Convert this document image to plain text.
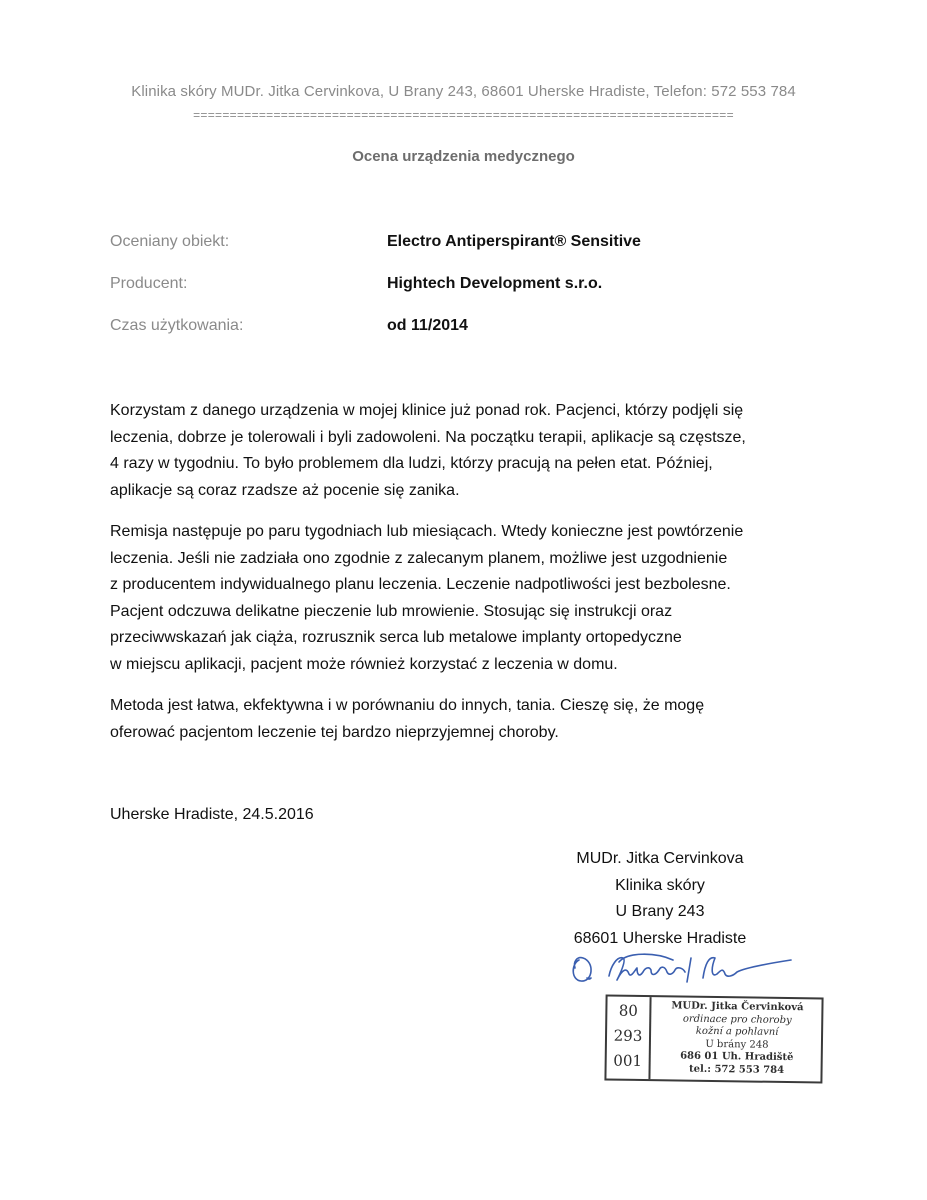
Klinika skóry MUDr. Jitka Cervinkova, U Brany 243, 68601 Uherske Hradiste, Telefon: 572 553 784
==========================================================================
Ocena urządzenia medycznego
Oceniany obiekt:	Electro Antiperspirant® Sensitive
Producent:	Hightech Development s.r.o.
Czas użytkowania:	od 11/2014

Korzystam z danego urządzenia w mojej klinice już ponad rok. Pacjenci, którzy podjęli się
leczenia, dobrze je tolerowali i byli zadowoleni. Na początku terapii, aplikacje są częstsze,
4 razy w tygodniu. To było problemem dla ludzi, którzy pracują na pełen etat. Później,
aplikacje są coraz rzadsze aż pocenie się zanika.

Remisja następuje po paru tygodniach lub miesiącach. Wtedy konieczne jest powtórzenie
leczenia. Jeśli nie zadziała ono zgodnie z zalecanym planem, możliwe jest uzgodnienie
z producentem indywidualnego planu leczenia. Leczenie nadpotliwości jest bezbolesne.
Pacjent odczuwa delikatne pieczenie lub mrowienie. Stosując się instrukcji oraz
przeciwwskazań jak ciąża, rozrusznik serca lub metalowe implanty ortopedyczne
w miejscu aplikacji, pacjent może również korzystać z leczenia w domu.

Metoda jest łatwa, ekfektywna i w porównaniu do innych, tania. Cieszę się, że mogę
oferować pacjentom leczenie tej bardzo nieprzyjemnej choroby.

Uherske Hradiste, 24.5.2016
MUDr. Jitka Cervinkova
Klinika skóry
U Brany 243
68601 Uherske Hradiste
80
293
001
MUDr. Jitka Červinková
ordinace pro choroby
kožní a pohlavní
U brány 248
686 01 Uh. Hradiště
tel.: 572 553 784
